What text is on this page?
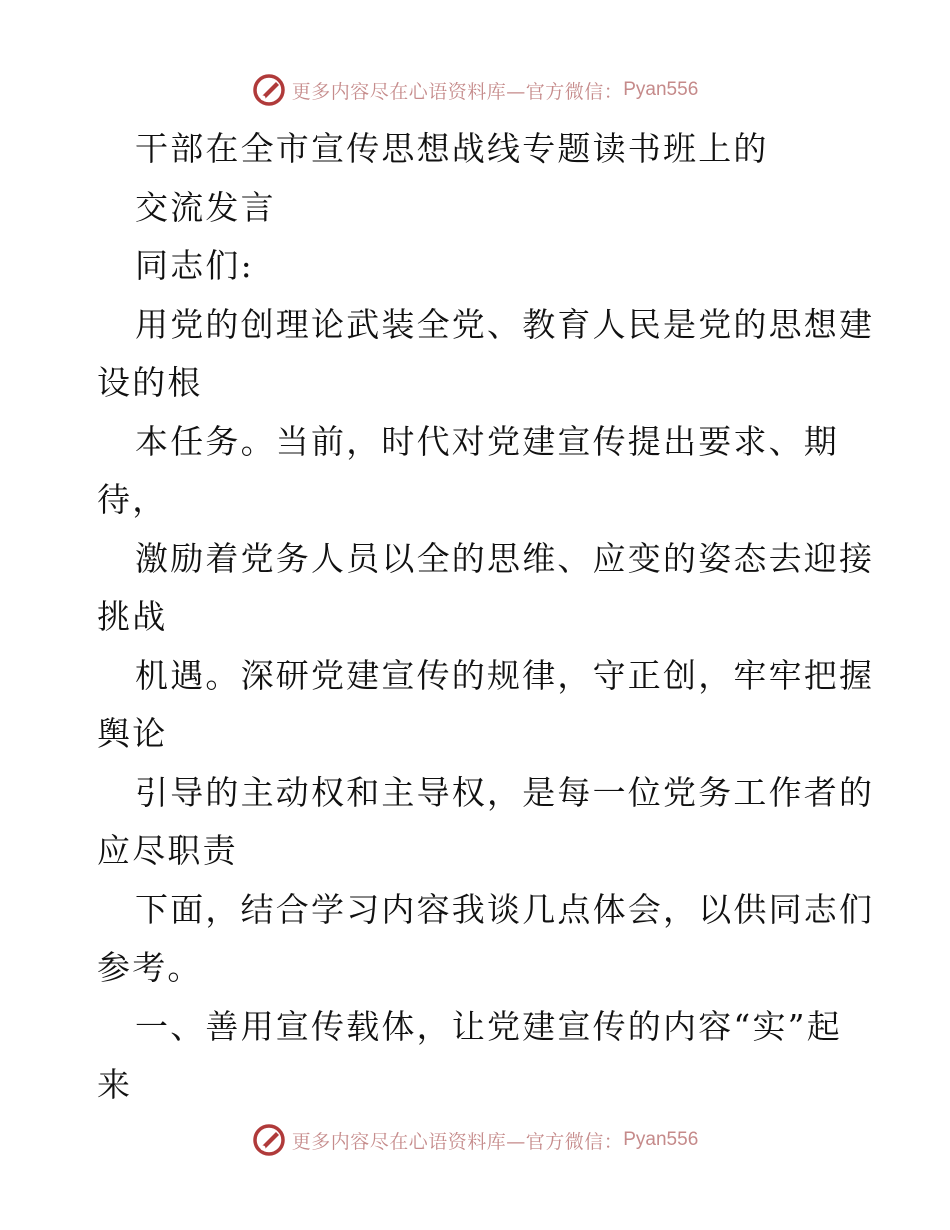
更多内容尽在心语资料库—官方微信： Pyan556
干部在全市宣传思想战线专题读书班上的
交流发言
同志们:
用党的创理论武装全党、教育人民是党的思想建
设的根
本任务。当前，时代对党建宣传提出要求、期
待，
激励着党务人员以全的思维、应变的姿态去迎接
挑战
机遇。深研党建宣传的规律，守正创，牢牢把握
舆论
引导的主动权和主导权，是每一位党务工作者的
应尽职责
下面，结合学习内容我谈几点体会，以供同志们
参考。
一、善用宣传载体，让党建宣传的内容“实”起
来
更多内容尽在心语资料库—官方微信： Pyan556
